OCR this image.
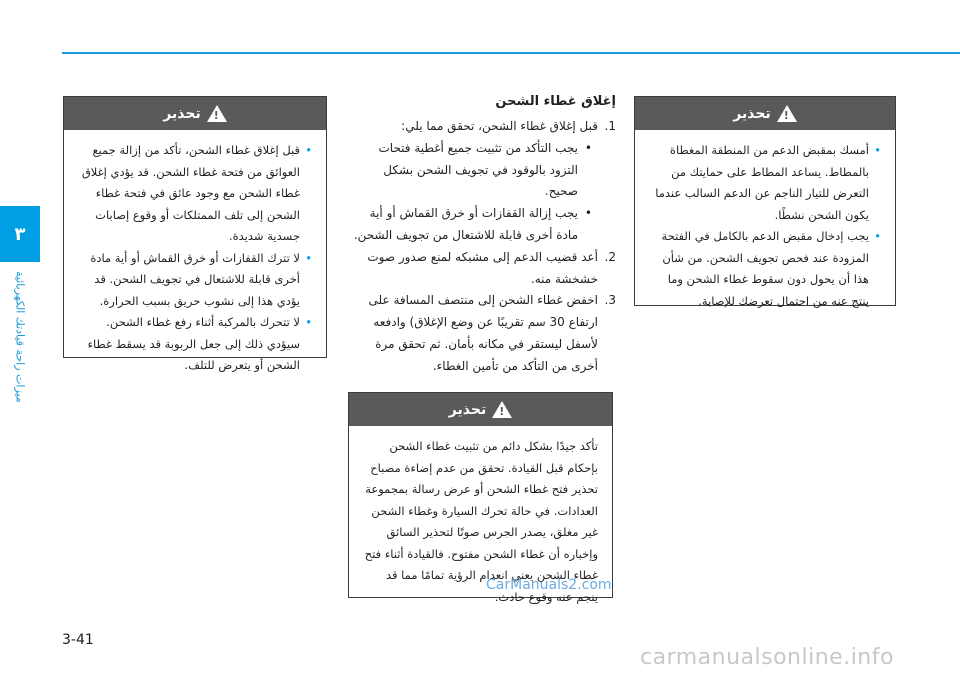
٣
ميزات راحة قيادتك الكهربائية
تحذير
!
• قبل إغلاق غطاء الشحن، تأكد من إزالة جميع العوائق من فتحة غطاء الشحن. قد يؤدي إغلاق غطاء الشحن مع وجود عائق في فتحة غطاء الشحن إلى تلف الممتلكات أو وقوع إصابات جسدية شديدة.
• لا تترك القفازات أو خرق القماش أو أية مادة أخرى قابلة للاشتعال في تجويف الشحن. قد يؤدي هذا إلى نشوب حريق بسبب الحرارة.
• لا تتحرك بالمركبة أثناء رفع غطاء الشحن. سيؤدي ذلك إلى جعل الربوبة قد يسقط غطاء الشحن أو يتعرض للتلف.
إغلاق غطاء الشحن
1.
قبل إغلاق غطاء الشحن، تحقق مما يلي:
• يجب التأكد من تثبيت جميع أغطية فتحات التزود بالوقود في تجويف الشحن بشكل صحيح.
• يجب إزالة القفازات أو خرق القماش أو أية مادة أخرى قابلة للاشتعال من تجويف الشحن.
2.
أعد قضيب الدعم إلى مشبكه لمنع صدور صوت خشخشة منه.
3.
اخفض غطاء الشحن إلى منتصف المسافة على ارتفاع 30 سم تقريبًا عن وضع الإغلاق) وادفعه لأسفل ليستقر في مكانه بأمان. ثم تحقق مرة أخرى من التأكد من تأمين الغطاء.
تحذير
!

تأكد جيدًا بشكل دائم من تثبيت غطاء الشحن بإحكام قبل القيادة. تحقق من عدم إضاءة مصباح تحذير فتح غطاء الشحن أو عرض رسالة بمجموعة العدادات. في حالة تحرك السيارة وغطاء الشحن غير مغلق، يصدر الجرس صوتًا لتحذير السائق وإخباره أن غطاء الشحن مفتوح. فالقيادة أثناء فتح غطاء الشحن يعني انعدام الرؤية تمامًا مما قد ينجم عنه وقوع حادث.

تحذير
!
• أمسك بمقبض الدعم من المنطقة المغطاة بالمطاط. يساعد المطاط على حمايتك من التعرض للتيار الناجم عن الدعم السالب عندما يكون الشحن نشطًا.
• يجب إدخال مقبض الدعم بالكامل في الفتحة المزودة عند فحص تجويف الشحن. من شأن هذا أن يحول دون سقوط غطاء الشحن وما ينتج عنه من احتمال تعرضك للإصابة.
3-41
CarManuals2.com
carmanualsonline.info
